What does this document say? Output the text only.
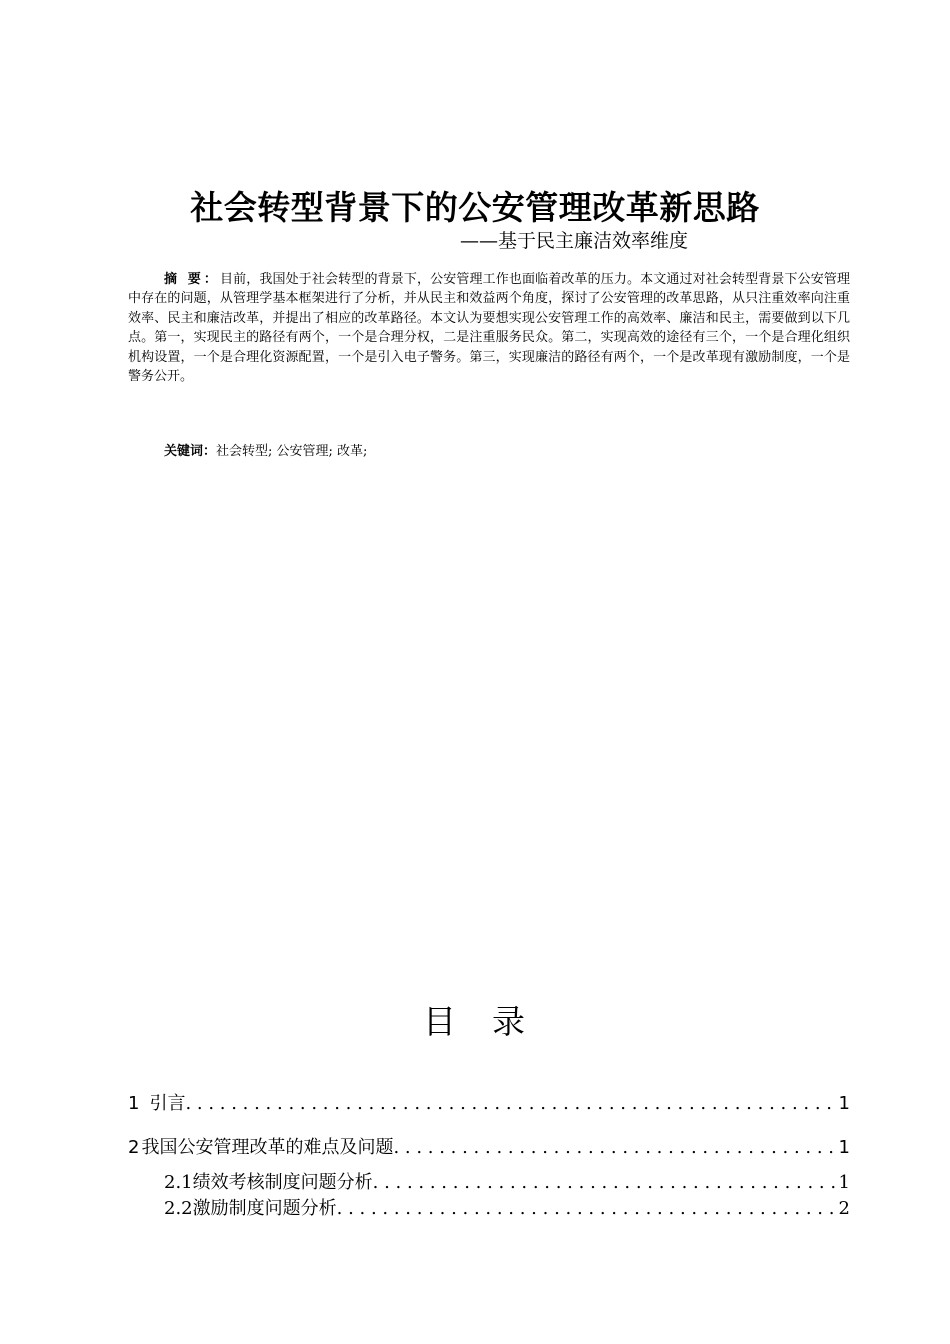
社会转型背景下的公安管理改革新思路
——基于民主廉洁效率维度
摘 要：目前，我国处于社会转型的背景下，公安管理工作也面临着改革的压力。本文通过对社会转型背景下公安管理中存在的问题，从管理学基本框架进行了分析，并从民主和效益两个角度，探讨了公安管理的改革思路，从只注重效率向注重效率、民主和廉洁改革，并提出了相应的改革路径。本文认为要想实现公安管理工作的高效率、廉洁和民主，需要做到以下几点。第一，实现民主的路径有两个，一个是合理分权，二是注重服务民众。第二，实现高效的途径有三个，一个是合理化组织机构设置，一个是合理化资源配置，一个是引入电子警务。第三，实现廉洁的路径有两个，一个是改革现有激励制度，一个是警务公开。
关键词：社会转型; 公安管理; 改革;
目 录
1 引言 . . .	1
2 我国公安管理改革的难点及问题 . . .	1
2.1 绩效考核制度问题分析 . . .	1
2.2 激励制度问题分析 . . .	2
